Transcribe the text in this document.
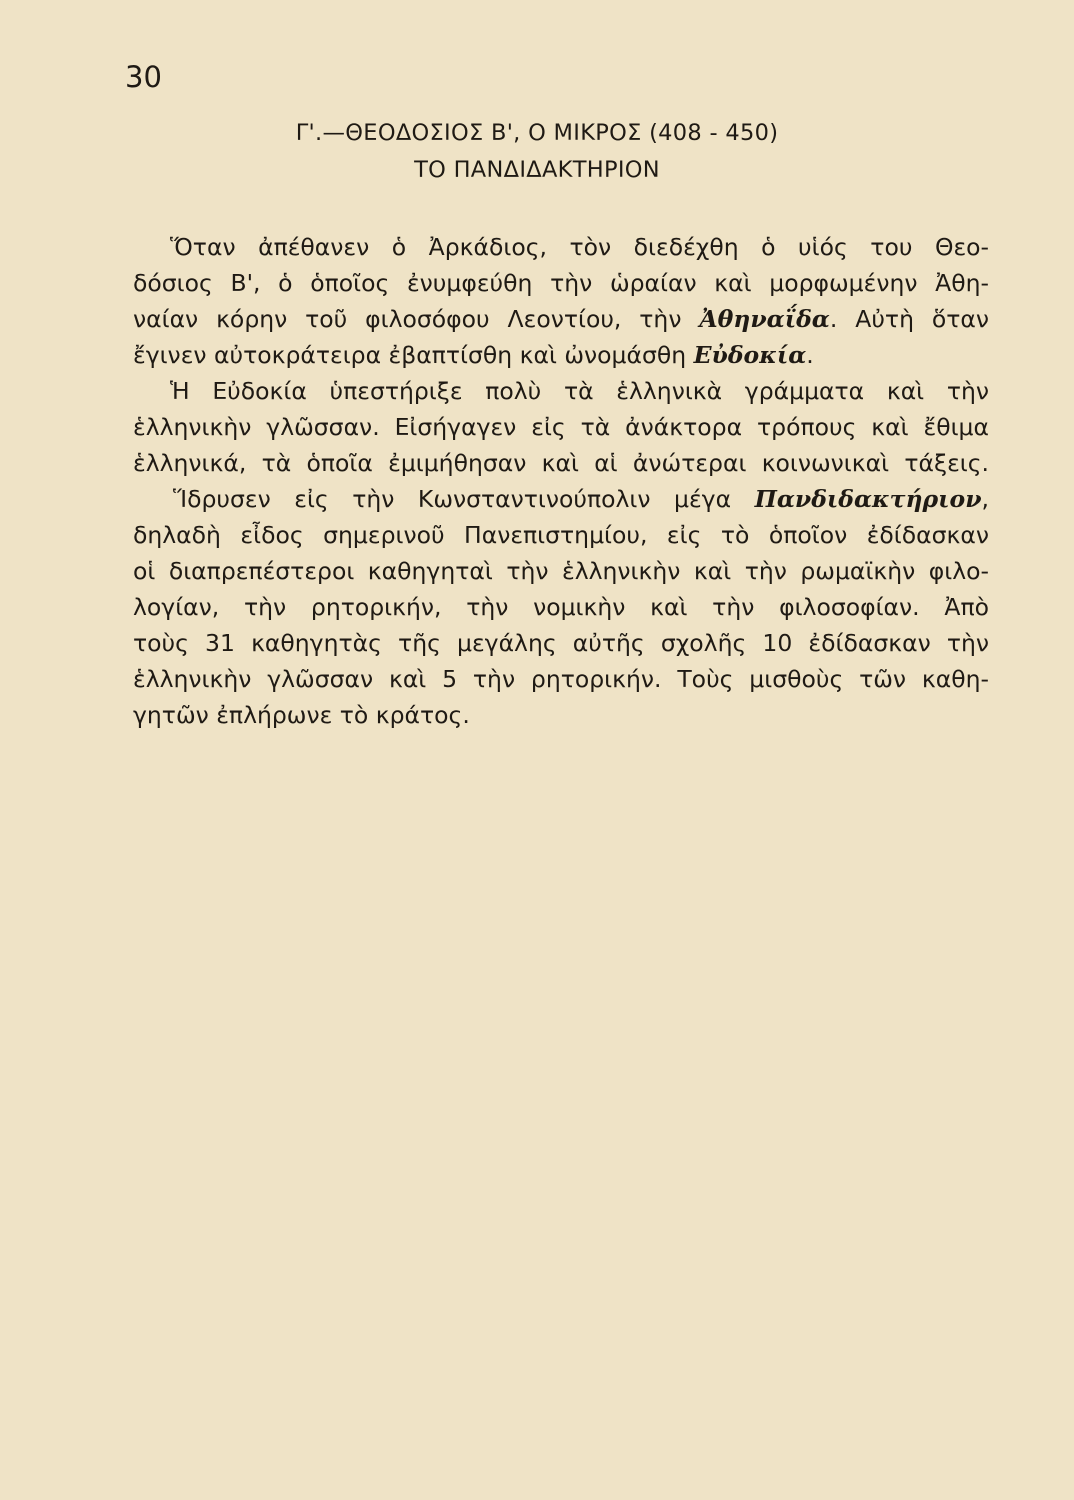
30
Γ'.—ΘΕΟΔΟΣΙΟΣ Β', Ο ΜΙΚΡΟΣ (408 - 450)
ΤΟ ΠΑΝΔΙΔΑΚΤΗΡΙΟΝ
Ὅταν ἀπέθανεν ὁ Ἀρκάδιος, τὸν διεδέχθη ὁ υἱός του Θεο-
δόσιος Β', ὁ ὁποῖος ἐνυμφεύθη τὴν ὡραίαν καὶ μορφωμένην Ἀθη-
ναίαν κόρην τοῦ φιλοσόφου Λεοντίου, τὴν Ἀθηναΐδα. Αὐτὴ ὅταν
ἔγινεν αὐτοκράτειρα ἐβαπτίσθη καὶ ὠνομάσθη Εὐδοκία.
Ἡ Εὐδοκία ὑπεστήριξε πολὺ τὰ ἑλληνικὰ γράμματα καὶ τὴν
ἑλληνικὴν γλῶσσαν. Εἰσήγαγεν εἰς τὰ ἀνάκτορα τρόπους καὶ ἔθιμα
ἑλληνικά, τὰ ὁποῖα ἐμιμήθησαν καὶ αἱ ἀνώτεραι κοινωνικαὶ τάξεις.
Ἵδρυσεν εἰς τὴν Κωνσταντινούπολιν μέγα Πανδιδακτήριον,
δηλαδὴ εἶδος σημερινοῦ Πανεπιστημίου, εἰς τὸ ὁποῖον ἐδίδασκαν
οἱ διαπρεπέστεροι καθηγηταὶ τὴν ἑλληνικὴν καὶ τὴν ρωμαϊκὴν φιλο-
λογίαν, τὴν ρητορικήν, τὴν νομικὴν καὶ τὴν φιλοσοφίαν. Ἀπὸ
τοὺς 31 καθηγητὰς τῆς μεγάλης αὐτῆς σχολῆς 10 ἐδίδασκαν τὴν
ἑλληνικὴν γλῶσσαν καὶ 5 τὴν ρητορικήν. Τοὺς μισθοὺς τῶν καθη-
γητῶν ἐπλήρωνε τὸ κράτος.
